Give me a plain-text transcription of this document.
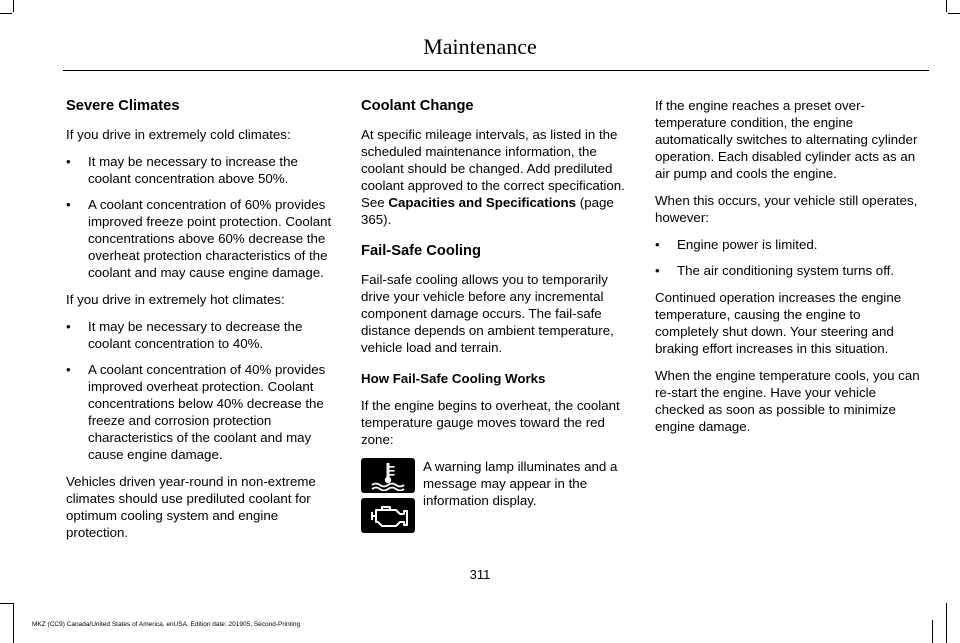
Maintenance
Severe Climates

If you drive in extremely cold climates:

• It may be necessary to increase the coolant concentration above 50%.
• A coolant concentration of 60% provides improved freeze point protection. Coolant concentrations above 60% decrease the overheat protection characteristics of the coolant and may cause engine damage.

If you drive in extremely hot climates:

• It may be necessary to decrease the coolant concentration to 40%.
• A coolant concentration of 40% provides improved overheat protection. Coolant concentrations below 40% decrease the freeze and corrosion protection characteristics of the coolant and may cause engine damage.

Vehicles driven year-round in non-extreme climates should use prediluted coolant for optimum cooling system and engine protection.

Coolant Change

At specific mileage intervals, as listed in the scheduled maintenance information, the coolant should be changed. Add prediluted coolant approved to the correct specification. See Capacities and Specifications (page 365).

Fail-Safe Cooling

Fail-safe cooling allows you to temporarily drive your vehicle before any incremental component damage occurs. The fail-safe distance depends on ambient temperature, vehicle load and terrain.

How Fail-Safe Cooling Works

If the engine begins to overheat, the coolant temperature gauge moves toward the red zone:

A warning lamp illuminates and a message may appear in the information display.

If the engine reaches a preset over-temperature condition, the engine automatically switches to alternating cylinder operation. Each disabled cylinder acts as an air pump and cools the engine.

When this occurs, your vehicle still operates, however:

• Engine power is limited.
• The air conditioning system turns off.

Continued operation increases the engine temperature, causing the engine to completely shut down. Your steering and braking effort increases in this situation.

When the engine temperature cools, you can re-start the engine. Have your vehicle checked as soon as possible to minimize engine damage.

311
MKZ (CC9) Canada/United States of America, enUSA, Edition date: 201905, Second-Printing
